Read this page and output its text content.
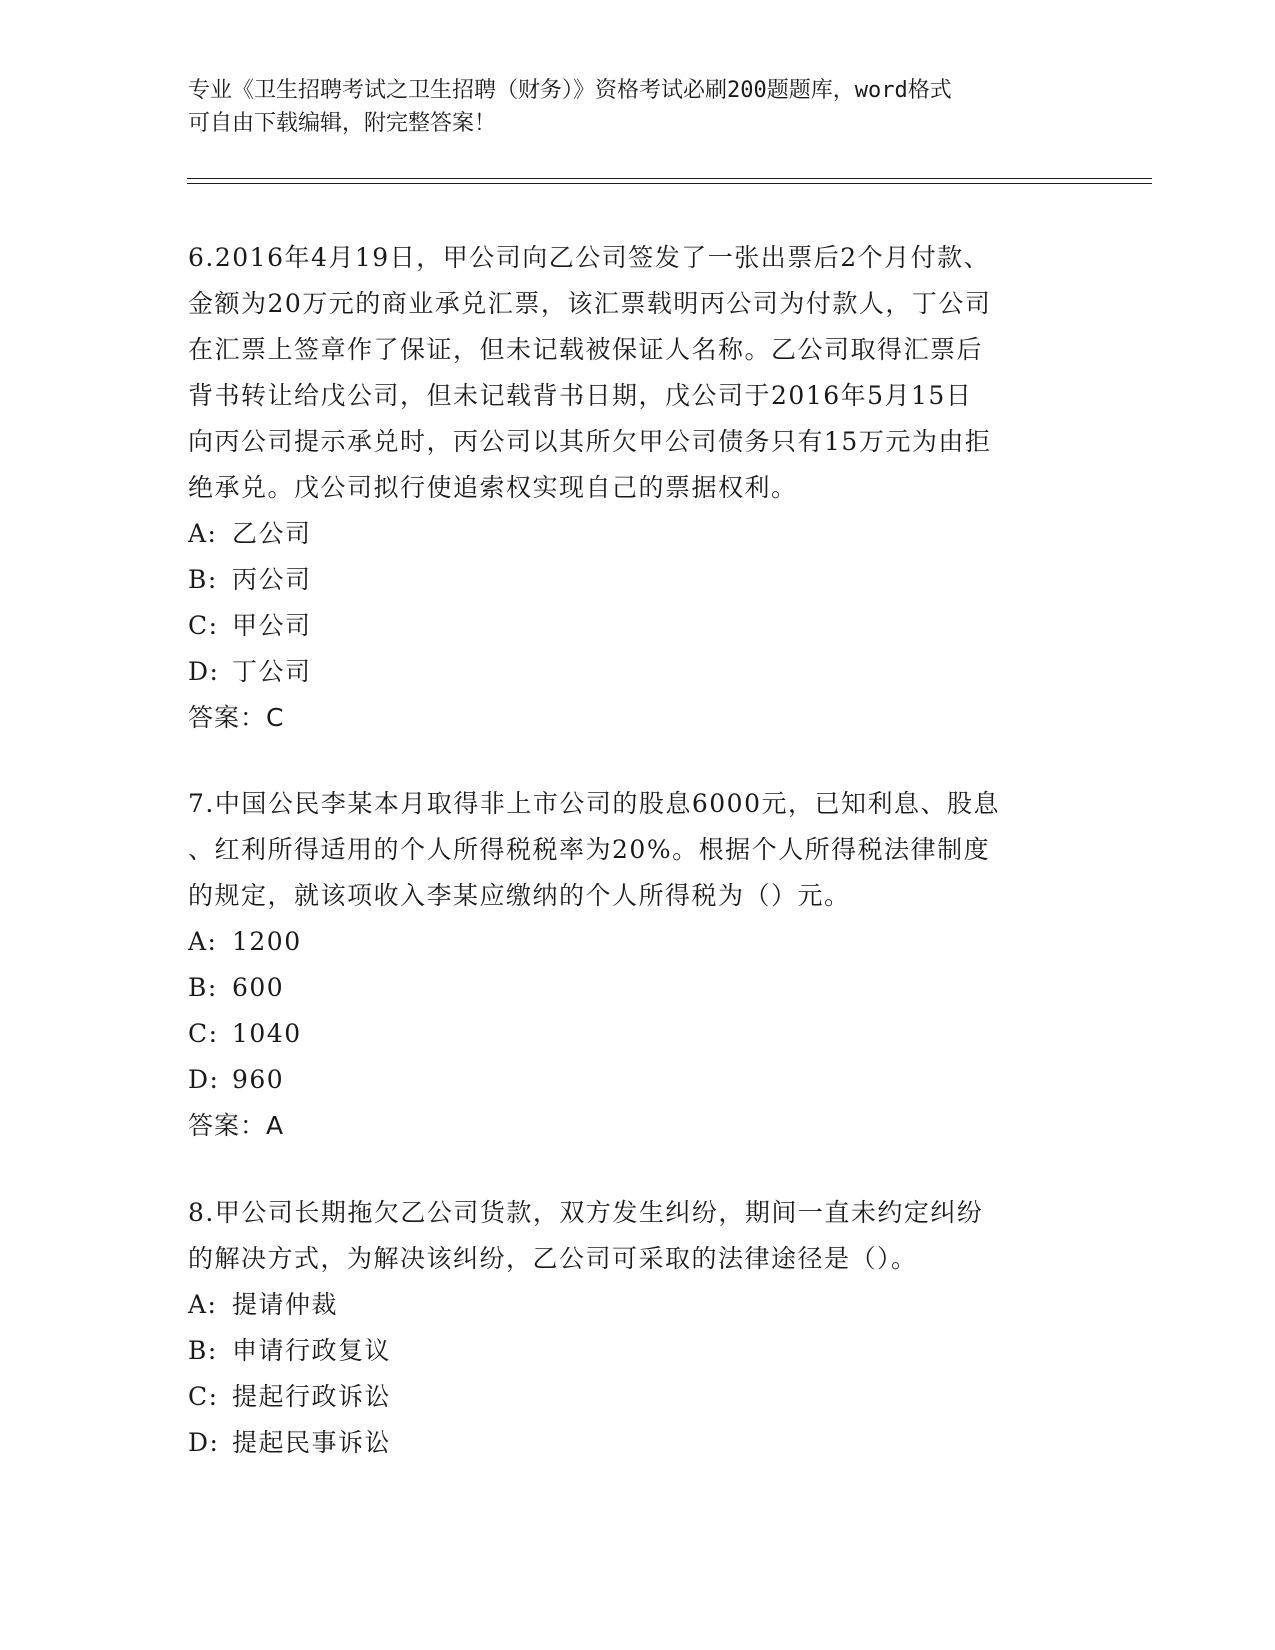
专业《卫生招聘考试之卫生招聘（财务）》资格考试必刷200题题库，word格式
可自由下载编辑，附完整答案！
6.2016年4月19日，甲公司向乙公司签发了一张出票后2个月付款、
金额为20万元的商业承兑汇票，该汇票载明丙公司为付款人，丁公司
在汇票上签章作了保证，但未记载被保证人名称。乙公司取得汇票后
背书转让给戊公司，但未记载背书日期，戊公司于2016年5月15日
向丙公司提示承兑时，丙公司以其所欠甲公司债务只有15万元为由拒
绝承兑。戊公司拟行使追索权实现自己的票据权利。
A: 乙公司
B: 丙公司
C: 甲公司
D: 丁公司
答案：C
7.中国公民李某本月取得非上市公司的股息6000元，已知利息、股息
、红利所得适用的个人所得税税率为20%。根据个人所得税法律制度
的规定，就该项收入李某应缴纳的个人所得税为（）元。
A: 1200
B: 600
C: 1040
D: 960
答案：A
8.甲公司长期拖欠乙公司货款，双方发生纠纷，期间一直未约定纠纷
的解决方式，为解决该纠纷，乙公司可采取的法律途径是（）。
A: 提请仲裁
B: 申请行政复议
C: 提起行政诉讼
D: 提起民事诉讼
